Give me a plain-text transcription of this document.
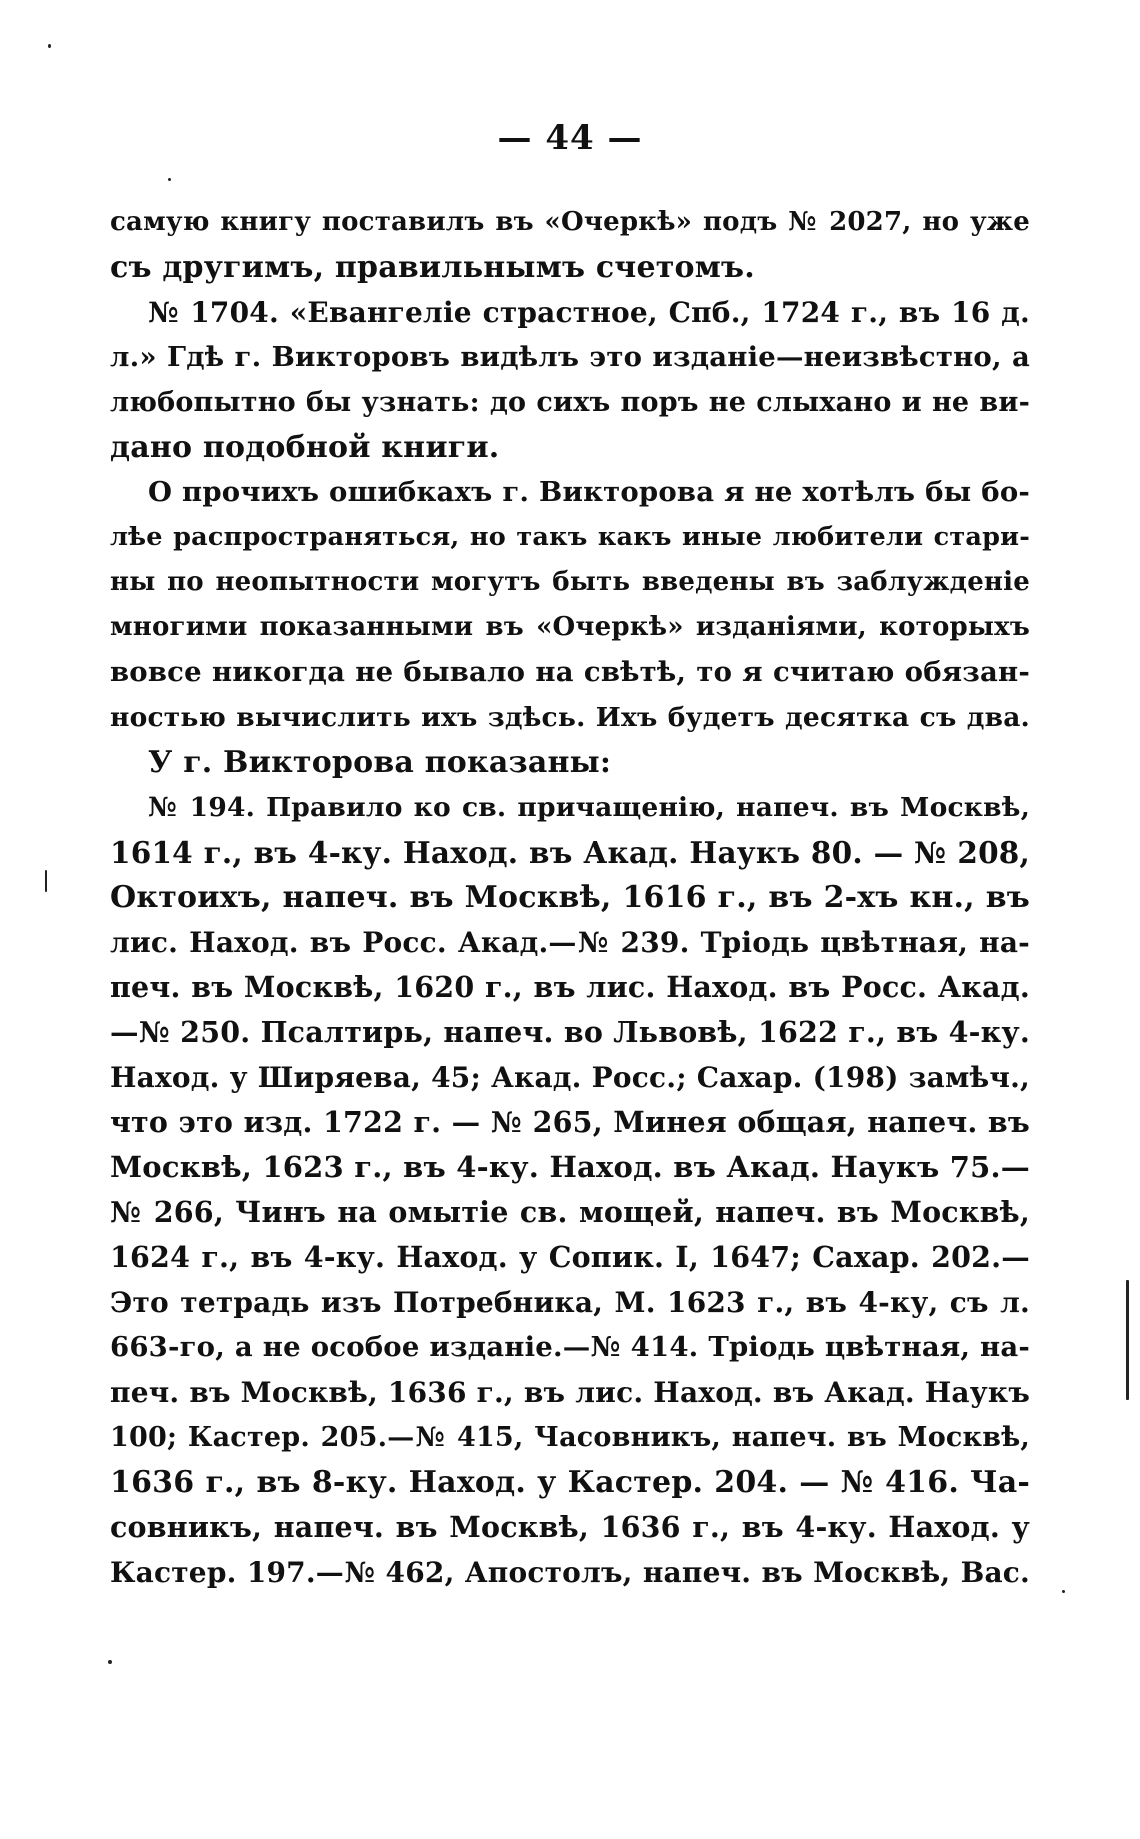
— 44 —
самую книгу поставилъ въ «Очеркѣ» подъ № 2027, но уже
съ другимъ, правильнымъ счетомъ.
№ 1704. «Евангеліе страстное, Спб., 1724 г., въ 16 д.
л.» Гдѣ г. Викторовъ видѣлъ это изданіе—неизвѣстно, а
любопытно бы узнать: до сихъ поръ не слыхано и не ви-
дано подобной книги.
О прочихъ ошибкахъ г. Викторова я не хотѣлъ бы бо-
лѣе распространяться, но такъ какъ иные любители стари-
ны по неопытности могутъ быть введены въ заблужденіе
многими показанными въ «Очеркѣ» изданіями, которыхъ
вовсе никогда не бывало на свѣтѣ, то я считаю обязан-
ностью вычислить ихъ здѣсь. Ихъ будетъ десятка съ два.
У г. Викторова показаны:
№ 194. Правило ко св. причащенію, напеч. въ Москвѣ,
1614 г., въ 4-ку. Наход. въ Акад. Наукъ 80. — № 208,
Октоихъ, напеч. въ Москвѣ, 1616 г., въ 2-хъ кн., въ
лис. Наход. въ Росс. Акад.—№ 239. Тріодь цвѣтная, на-
печ. въ Москвѣ, 1620 г., въ лис. Наход. въ Росс. Акад.
—№ 250. Псалтирь, напеч. во Львовѣ, 1622 г., въ 4-ку.
Наход. у Ширяева, 45; Акад. Росс.; Сахар. (198) замѣч.,
что это изд. 1722 г. — № 265, Минея общая, напеч. въ
Москвѣ, 1623 г., въ 4-ку. Наход. въ Акад. Наукъ 75.—
№ 266, Чинъ на омытіе св. мощей, напеч. въ Москвѣ,
1624 г., въ 4-ку. Наход. у Сопик. I, 1647; Сахар. 202.—
Это тетрадь изъ Потребника, М. 1623 г., въ 4-ку, съ л.
663-го, а не особое изданіе.—№ 414. Тріодь цвѣтная, на-
печ. въ Москвѣ, 1636 г., въ лис. Наход. въ Акад. Наукъ
100; Кастер. 205.—№ 415, Часовникъ, напеч. въ Москвѣ,
1636 г., въ 8-ку. Наход. у Кастер. 204. — № 416. Ча-
совникъ, напеч. въ Москвѣ, 1636 г., въ 4-ку. Наход. у
Кастер. 197.—№ 462, Апостолъ, напеч. въ Москвѣ, Вас.
